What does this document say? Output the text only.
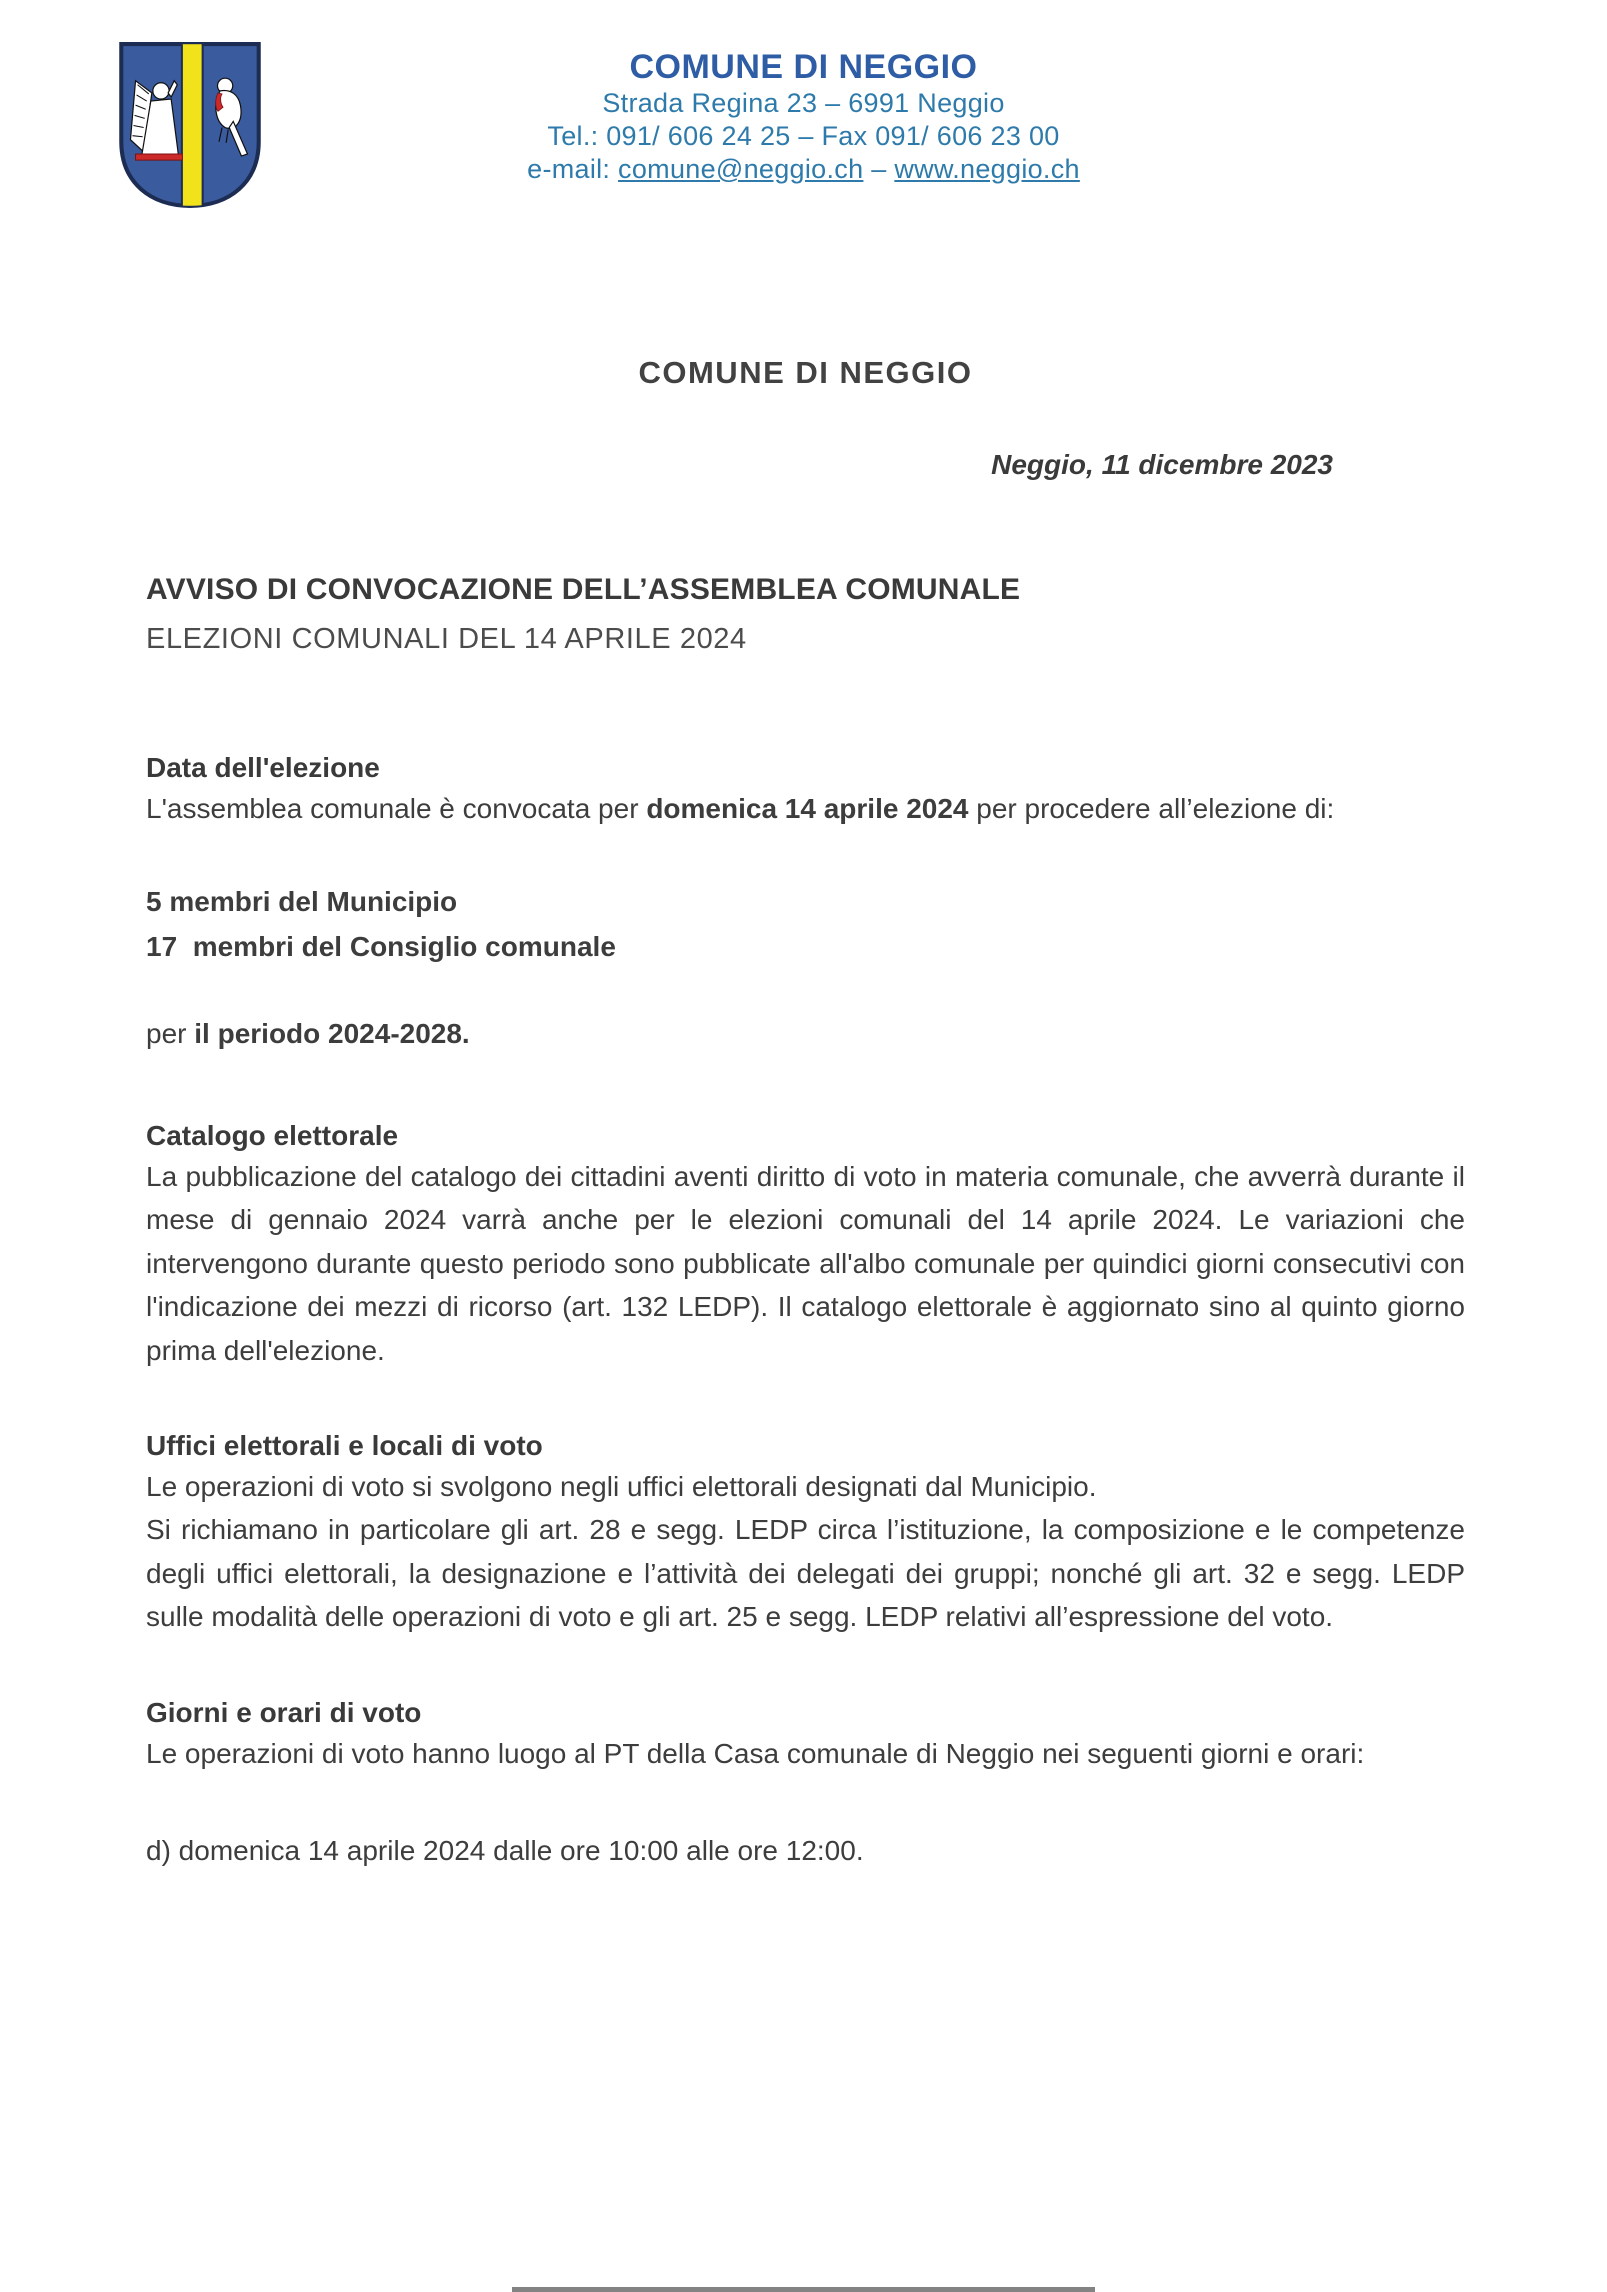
COMUNE DI NEGGIO
Strada Regina 23 – 6991 Neggio
Tel.: 091/ 606 24 25 – Fax 091/ 606 23 00
e-mail: comune@neggio.ch – www.neggio.ch
COMUNE DI NEGGIO
Neggio, 11 dicembre 2023
AVVISO DI CONVOCAZIONE DELL’ASSEMBLEA COMUNALE
ELEZIONI COMUNALI DEL 14 APRILE 2024
Data dell'elezione

L'assemblea comunale è convocata per domenica 14 aprile 2024 per procedere all’elezione di:

5 membri del Municipio
17  membri del Consiglio comunale
per il periodo 2024-2028.
Catalogo elettorale

La pubblicazione del catalogo dei cittadini aventi diritto di voto in materia comunale, che avverrà durante il mese di gennaio 2024 varrà anche per le elezioni comunali del 14 aprile 2024. Le variazioni che intervengono durante questo periodo sono pubblicate all'albo comunale per quindici giorni consecutivi con l'indicazione dei mezzi di ricorso (art. 132 LEDP). Il catalogo elettorale è aggiornato sino al quinto giorno prima dell'elezione.

Uffici elettorali e locali di voto

Le operazioni di voto si svolgono negli uffici elettorali designati dal Municipio.

Si richiamano in particolare gli art. 28 e segg. LEDP circa l’istituzione, la composizione e le competenze degli uffici elettorali, la designazione e l’attività dei delegati dei gruppi; nonché gli art. 32 e segg. LEDP sulle modalità delle operazioni di voto e gli art. 25 e segg. LEDP relativi all’espressione del voto.

Giorni e orari di voto

Le operazioni di voto hanno luogo al PT della Casa comunale di Neggio nei seguenti giorni e orari:

d) domenica 14 aprile 2024 dalle ore 10:00 alle ore 12:00.
